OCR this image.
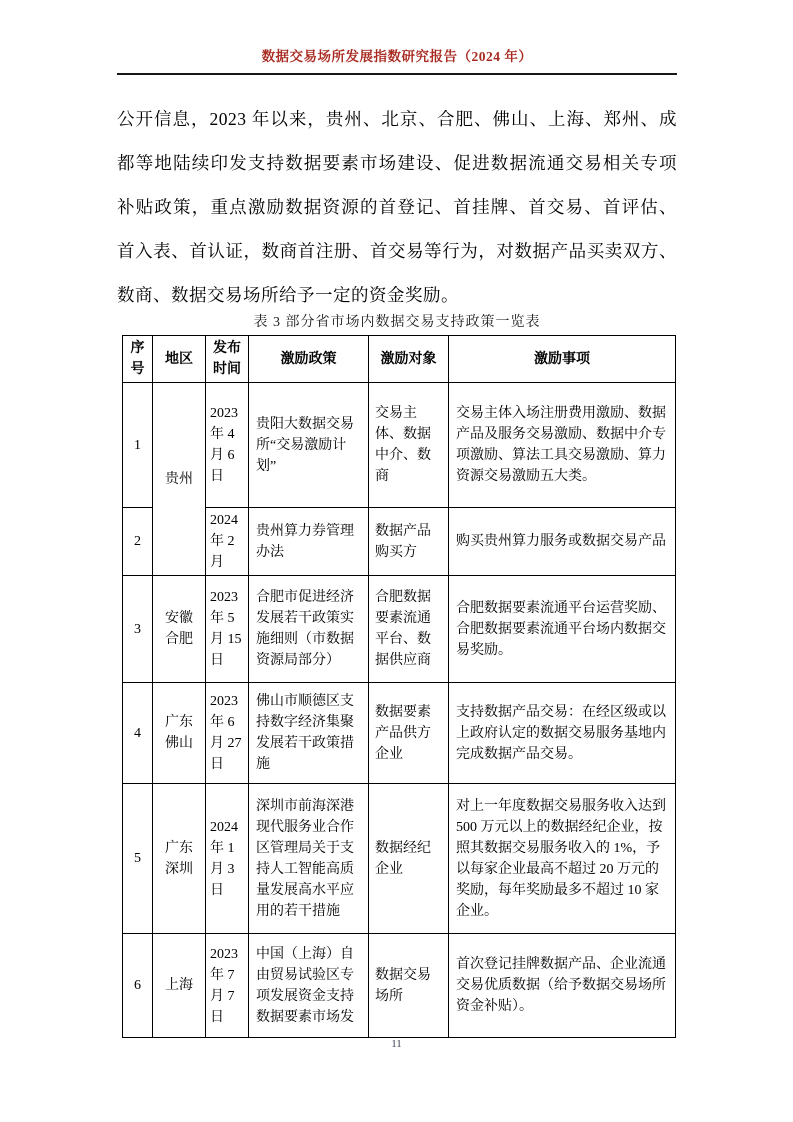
数据交易场所发展指数研究报告（2024 年）
公开信息，2023 年以来，贵州、北京、合肥、佛山、上海、郑州、成
都等地陆续印发支持数据要素市场建设、促进数据流通交易相关专项
补贴政策，重点激励数据资源的首登记、首挂牌、首交易、首评估、
首入表、首认证，数商首注册、首交易等行为，对数据产品买卖双方、
数商、数据交易场所给予一定的资金奖励。
表 3 部分省市场内数据交易支持政策一览表
序号	地区	发布时间	激励政策	激励对象	激励事项
1	贵州	2023 年 4 月 6 日	贵阳大数据交易所“交易激励计划”	交易主体、数据中介、数商	交易主体入场注册费用激励、数据产品及服务交易激励、数据中介专项激励、算法工具交易激励、算力资源交易激励五大类。
2		2024 年 2 月	贵州算力券管理办法	数据产品购买方	购买贵州算力服务或数据交易产品
3	安徽合肥	2023 年 5 月 15 日	合肥市促进经济发展若干政策实施细则（市数据资源局部分）	合肥数据要素流通平台、数据供应商	合肥数据要素流通平台运营奖励、合肥数据要素流通平台场内数据交易奖励。
4	广东佛山	2023 年 6 月 27 日	佛山市顺德区支持数字经济集聚发展若干政策措施	数据要素产品供方企业	支持数据产品交易：在经区级或以上政府认定的数据交易服务基地内完成数据产品交易。
5	广东深圳	2024 年 1 月 3 日	深圳市前海深港现代服务业合作区管理局关于支持人工智能高质量发展高水平应用的若干措施	数据经纪企业	对上一年度数据交易服务收入达到 500 万元以上的数据经纪企业，按照其数据交易服务收入的 1%，予以每家企业最高不超过 20 万元的奖励，每年奖励最多不超过 10 家企业。
6	上海	2023 年 7 月 7 日	中国（上海）自由贸易试验区专项发展资金支持数据要素市场发	数据交易场所	首次登记挂牌数据产品、企业流通交易优质数据（给予数据交易场所资金补贴）。
11
